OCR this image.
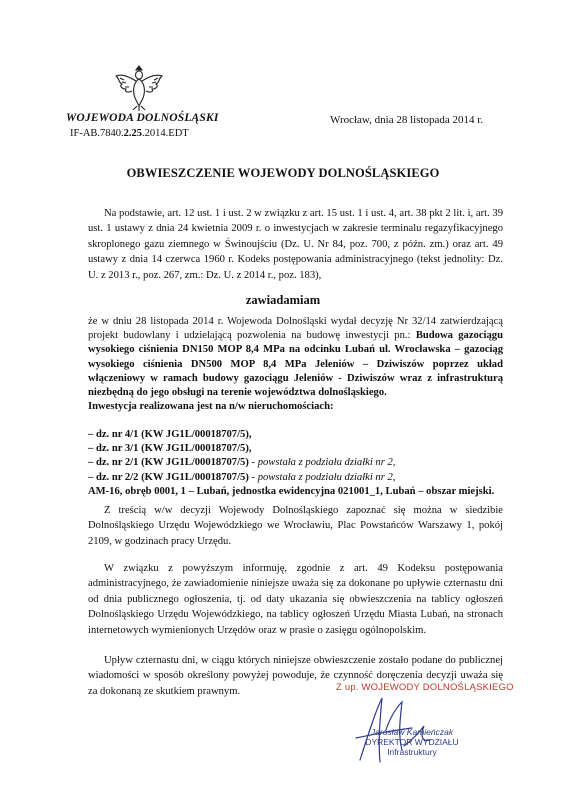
WOJEWODA DOLNOŚLĄSKI
IF-AB.7840.2.25.2014.EDT
Wrocław, dnia 28 listopada 2014 r.
OBWIESZCZENIE WOJEWODY DOLNOŚLĄSKIEGO
Na podstawie, art. 12 ust. 1 i ust. 2 w związku z art. 15 ust. 1 i ust. 4, art. 38 pkt 2 lit. i, art. 39 ust. 1 ustawy z dnia 24 kwietnia 2009 r. o inwestycjach w zakresie terminalu regazyfikacyjnego skroplonego gazu ziemnego w Świnoujściu (Dz. U. Nr 84, poz. 700, z późn. zm.) oraz art. 49 ustawy z dnia 14 czerwca 1960 r. Kodeks postępowania administracyjnego (tekst jednolity: Dz. U. z 2013 r., poz. 267, zm.: Dz. U. z 2014 r., poz. 183),
zawiadamiam
że w dniu 28 listopada 2014 r. Wojewoda Dolnośląski wydał decyzję Nr 32/14 zatwierdzającą projekt budowlany i udzielającą pozwolenia na budowę inwestycji pn.: Budowa gazociągu wysokiego ciśnienia DN150 MOP 8,4 MPa na odcinku Lubań ul. Wrocławska – gazociąg wysokiego ciśnienia DN500 MOP 8,4 MPa Jeleniów – Dziwiszów poprzez układ włączeniowy w ramach budowy gazociągu Jeleniów - Dziwiszów wraz z infrastrukturą niezbędną do jego obsługi na terenie województwa dolnośląskiego.
Inwestycja realizowana jest na n/w nieruchomościach:
– dz. nr 4/1 (KW JG1L/00018707/5),
– dz. nr 3/1 (KW JG1L/00018707/5),
– dz. nr 2/1 (KW JG1L/00018707/5) - powstała z podziału działki nr 2,
– dz. nr 2/2 (KW JG1L/00018707/5) - powstała z podziału działki nr 2,
AM-16, obręb 0001, 1 – Lubań, jednostka ewidencyjna 021001_1, Lubań – obszar miejski.
Z treścią w/w decyzji Wojewody Dolnośląskiego zapoznać się można w siedzibie Dolnośląskiego Urzędu Wojewódzkiego we Wrocławiu, Plac Powstańców Warszawy 1, pokój 2109, w godzinach pracy Urzędu.
W związku z powyższym informuję, zgodnie z art. 49 Kodeksu postępowania administracyjnego, że zawiadomienie niniejsze uważa się za dokonane po upływie czternastu dni od dnia publicznego ogłoszenia, tj. od daty ukazania się obwieszczenia na tablicy ogłoszeń Dolnośląskiego Urzędu Wojewódzkiego, na tablicy ogłoszeń Urzędu Miasta Lubań, na stronach internetowych wymienionych Urzędów oraz w prasie o zasięgu ogólnopolskim.
Upływ czternastu dni, w ciągu których niniejsze obwieszczenie zostało podane do publicznej wiadomości w sposób określony powyżej powoduje, że czynność doręczenia decyzji uważa się za dokonaną ze skutkiem prawnym.	Z up. WOJEWODY DOLNOŚLĄSKIEGO
Jarosław Kamieńczak
DYREKTOR WYDZIAŁU
Infrastruktury
